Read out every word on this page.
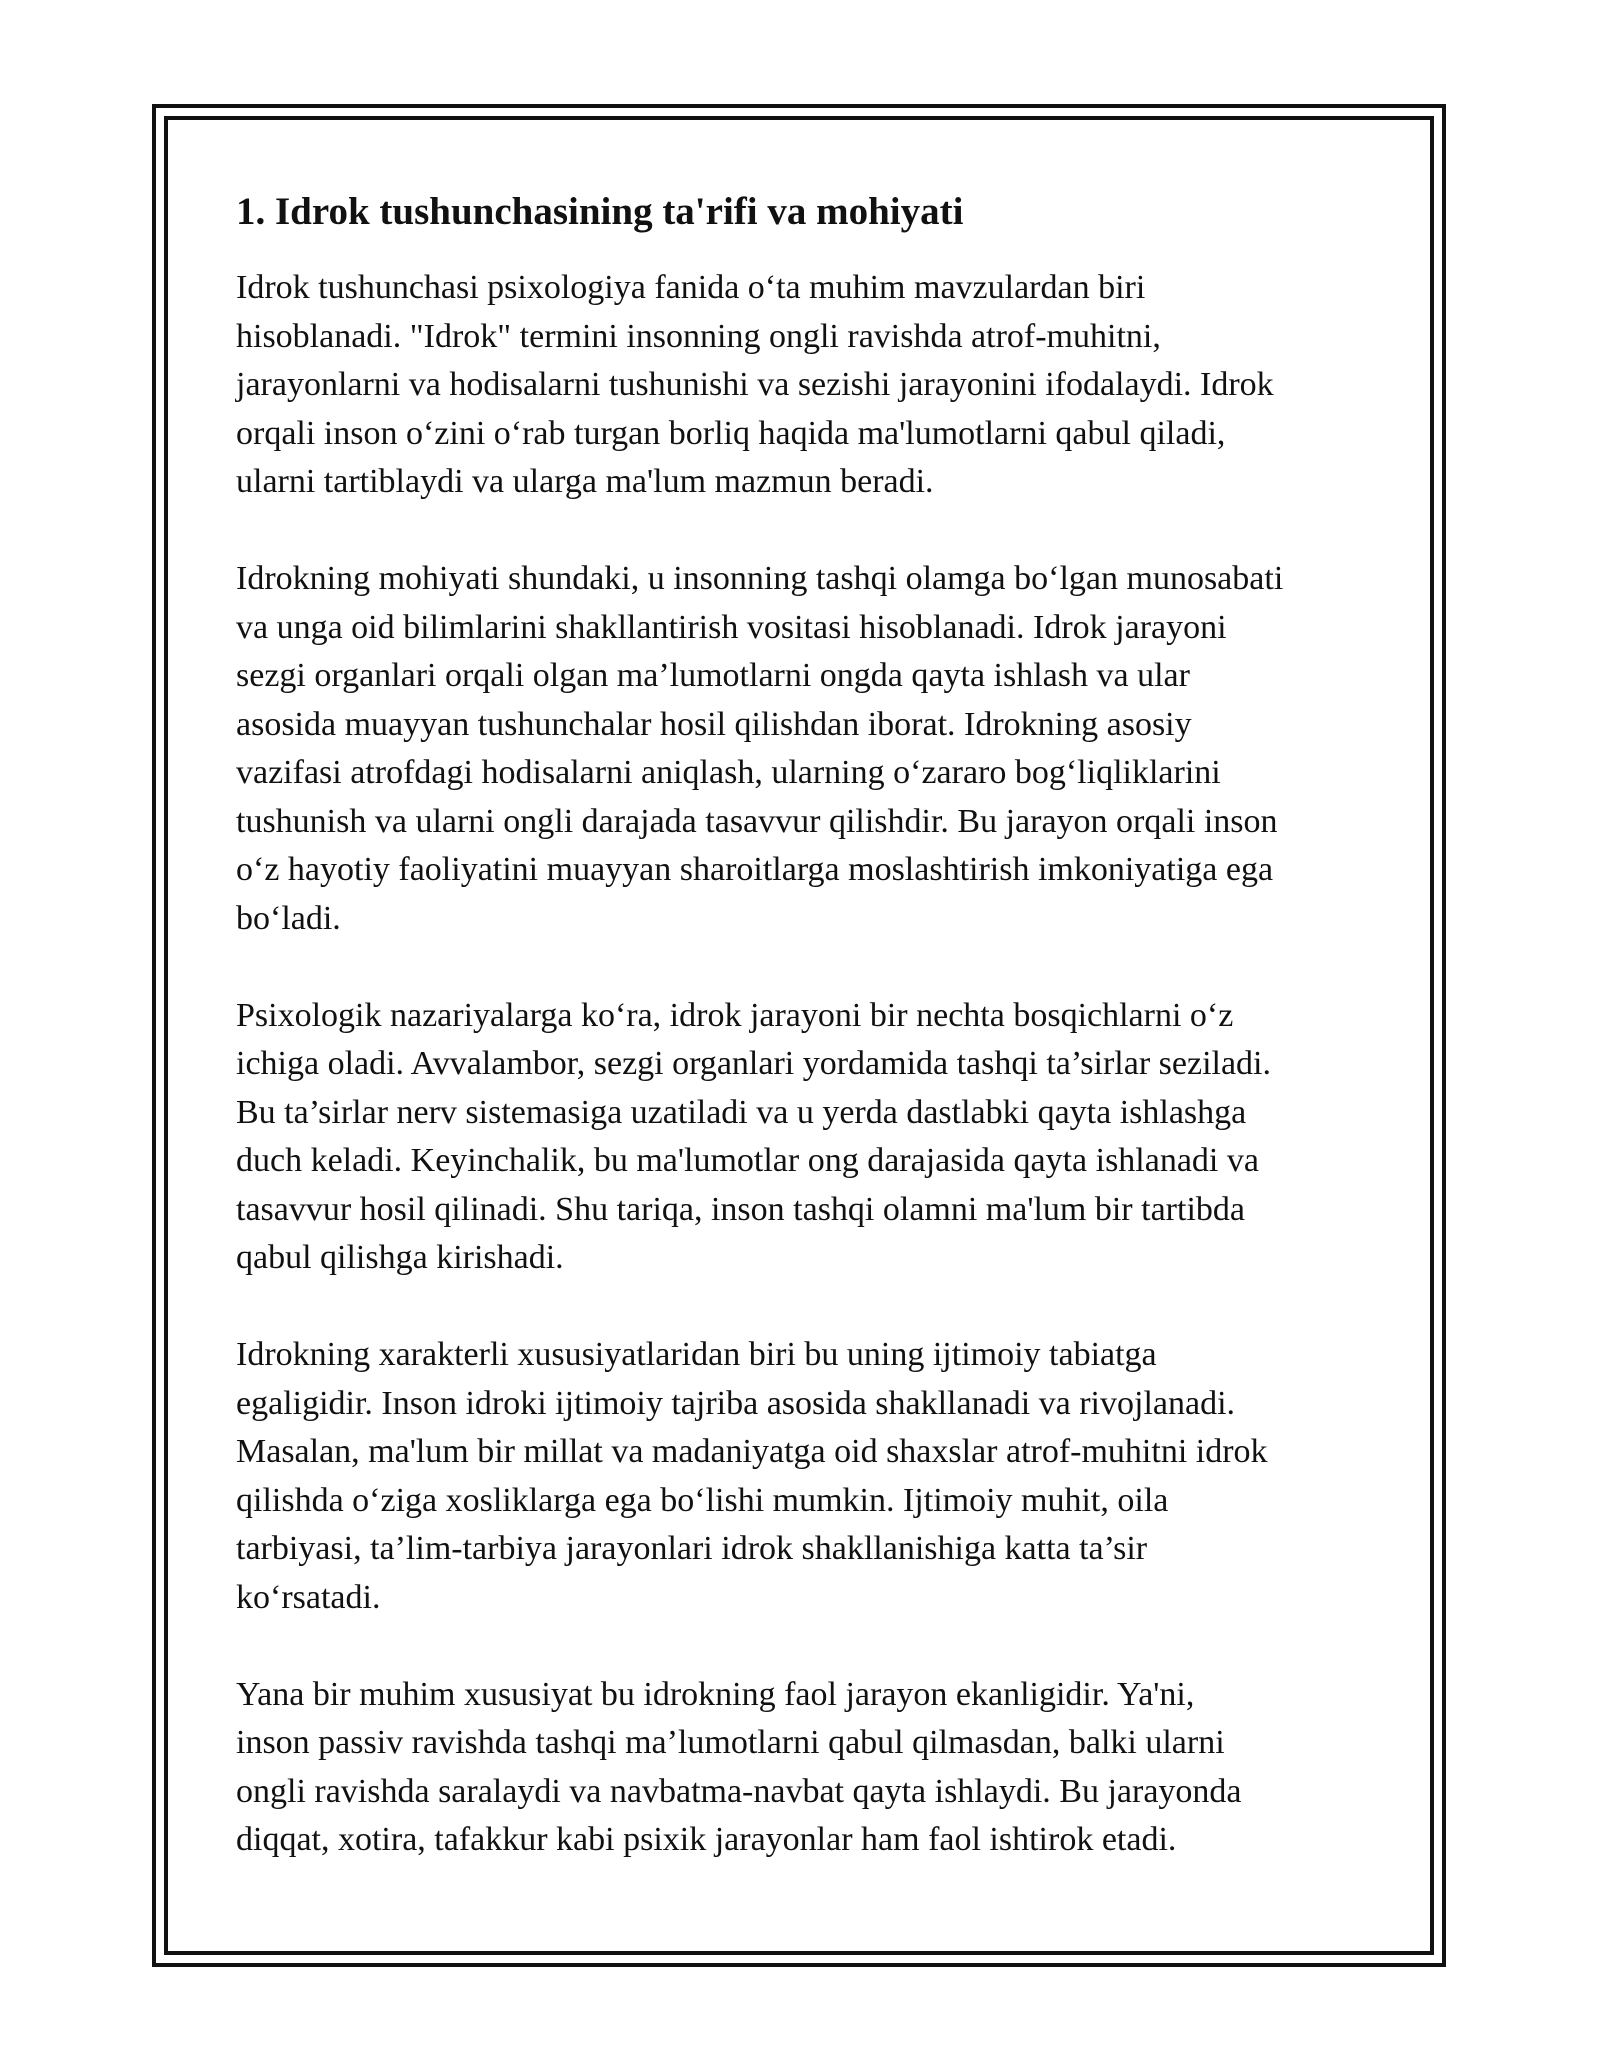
1. Idrok tushunchasining ta'rifi va mohiyati
Idrok tushunchasi psixologiya fanida o‘ta muhim mavzulardan biri
hisoblanadi. "Idrok" termini insonning ongli ravishda atrof-muhitni,
jarayonlarni va hodisalarni tushunishi va sezishi jarayonini ifodalaydi. Idrok
orqali inson o‘zini o‘rab turgan borliq haqida ma'lumotlarni qabul qiladi,
ularni tartiblaydi va ularga ma'lum mazmun beradi.
Idrokning mohiyati shundaki, u insonning tashqi olamga bo‘lgan munosabati
va unga oid bilimlarini shakllantirish vositasi hisoblanadi. Idrok jarayoni
sezgi organlari orqali olgan ma’lumotlarni ongda qayta ishlash va ular
asosida muayyan tushunchalar hosil qilishdan iborat. Idrokning asosiy
vazifasi atrofdagi hodisalarni aniqlash, ularning o‘zararo bog‘liqliklarini
tushunish va ularni ongli darajada tasavvur qilishdir. Bu jarayon orqali inson
o‘z hayotiy faoliyatini muayyan sharoitlarga moslashtirish imkoniyatiga ega
bo‘ladi.
Psixologik nazariyalarga ko‘ra, idrok jarayoni bir nechta bosqichlarni o‘z
ichiga oladi. Avvalambor, sezgi organlari yordamida tashqi ta’sirlar seziladi.
Bu ta’sirlar nerv sistemasiga uzatiladi va u yerda dastlabki qayta ishlashga
duch keladi. Keyinchalik, bu ma'lumotlar ong darajasida qayta ishlanadi va
tasavvur hosil qilinadi. Shu tariqa, inson tashqi olamni ma'lum bir tartibda
qabul qilishga kirishadi.
Idrokning xarakterli xususiyatlaridan biri bu uning ijtimoiy tabiatga
egaligidir. Inson idroki ijtimoiy tajriba asosida shakllanadi va rivojlanadi.
Masalan, ma'lum bir millat va madaniyatga oid shaxslar atrof-muhitni idrok
qilishda o‘ziga xosliklarga ega bo‘lishi mumkin. Ijtimoiy muhit, oila
tarbiyasi, ta’lim-tarbiya jarayonlari idrok shakllanishiga katta ta’sir
ko‘rsatadi.
Yana bir muhim xususiyat bu idrokning faol jarayon ekanligidir. Ya'ni,
inson passiv ravishda tashqi ma’lumotlarni qabul qilmasdan, balki ularni
ongli ravishda saralaydi va navbatma-navbat qayta ishlaydi. Bu jarayonda
diqqat, xotira, tafakkur kabi psixik jarayonlar ham faol ishtirok etadi.
